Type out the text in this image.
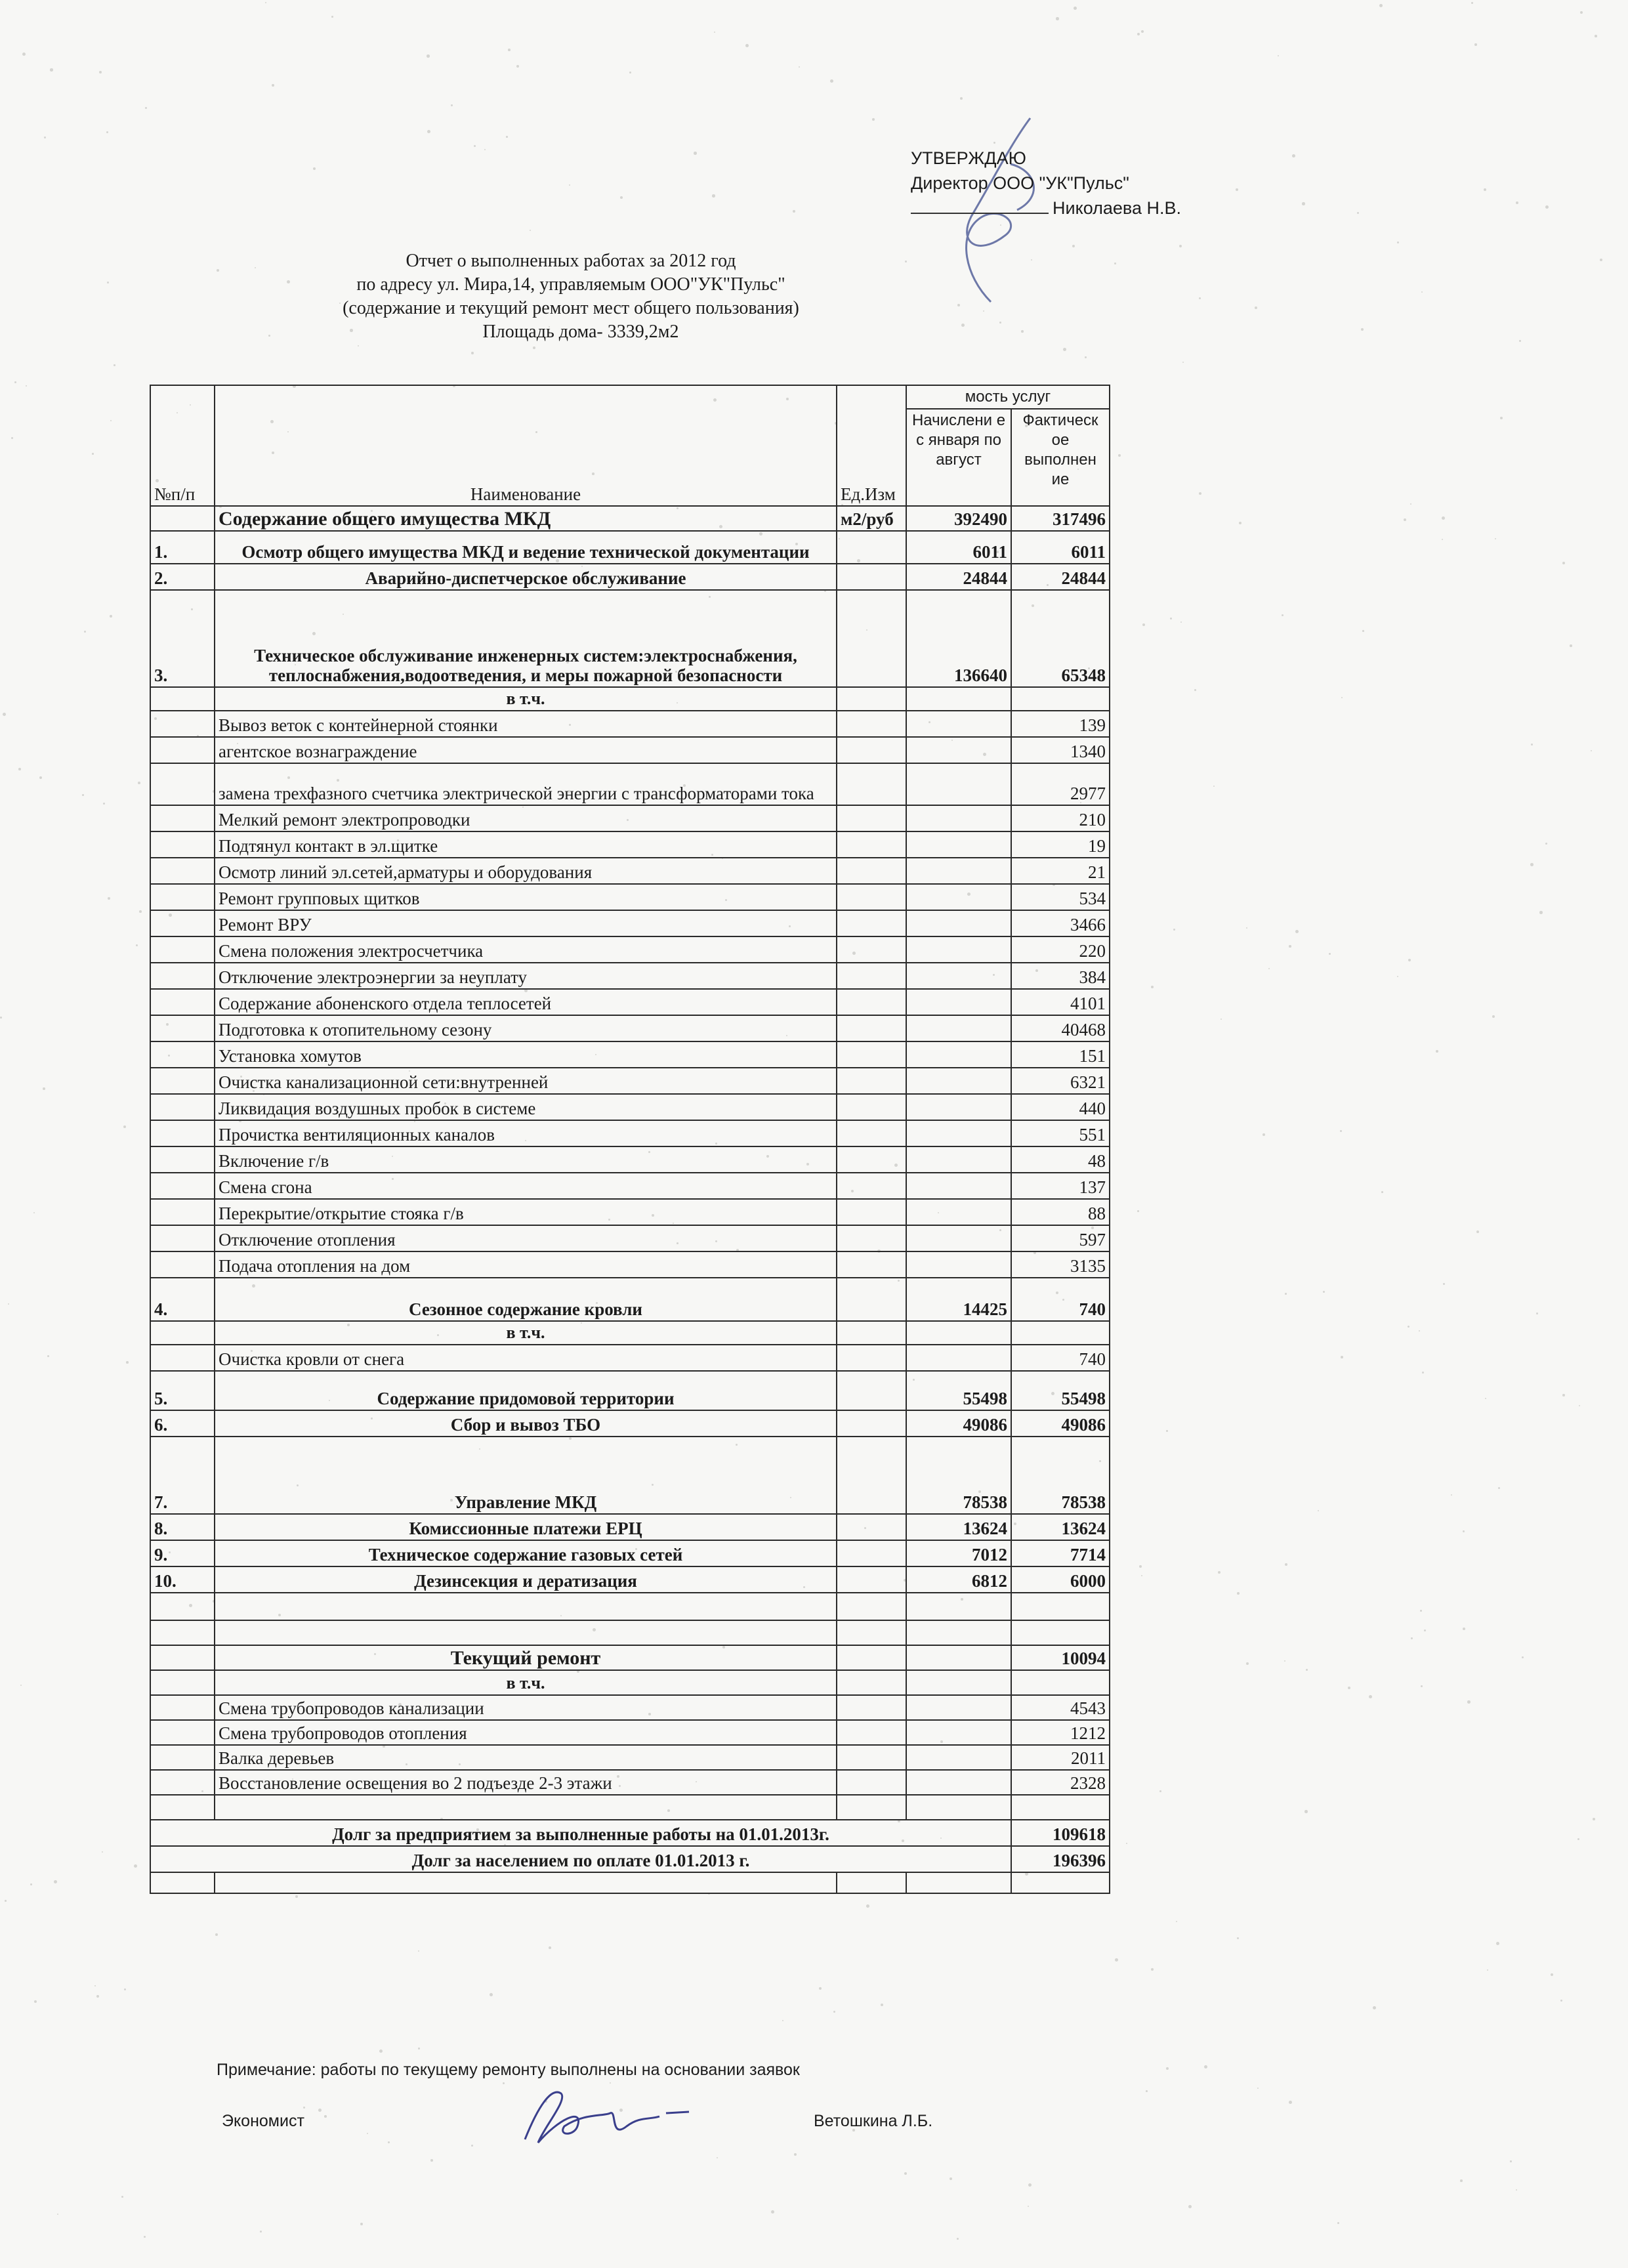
УТВЕРЖДАЮ
Директор ООО "УК"Пульс"
Николаева Н.В.
Отчет о выполненных работах за 2012 год
по адресу ул. Мира,14, управляемым ООО"УК"Пульс"
(содержание и текущий ремонт мест общего пользования)
Площадь дома- 3339,2м2
№п/п	Наименование	Ед.Изм	мость услуг	
			Начислени е с января по август	Фактическ ое выполнен ие
	Содержание общего имущества МКД	м2/руб	392490	317496
1.	Осмотр общего имущества МКД и ведение технической документации		6011	6011
2.	Аварийно-диспетчерское обслуживание		24844	24844
3.	Техническое обслуживание инженерных систем:электроснабжения, теплоснабжения,водоотведения, и меры пожарной безопасности		136640	65348
	в т.ч.			
	Вывоз веток с контейнерной стоянки			139
	агентское вознаграждение			1340
	замена трехфазного счетчика электрической энергии с трансформаторами тока			2977
	Мелкий ремонт электропроводки			210
	Подтянул контакт в эл.щитке			19
	Осмотр линий эл.сетей,арматуры и оборудования			21
	Ремонт групповых щитков			534
	Ремонт ВРУ			3466
	Смена положения электросчетчика			220
	Отключение электроэнергии за неуплату			384
	Содержание абоненского отдела теплосетей			4101
	Подготовка к отопительному сезону			40468
	Установка хомутов			151
	Очистка канализационной сети:внутренней			6321
	Ликвидация воздушных пробок в системе			440
	Прочистка вентиляционных каналов			551
	Включение г/в			48
	Смена сгона			137
	Перекрытие/открытие стояка г/в			88
	Отключение отопления			597
	Подача отопления на дом			3135
4.	Сезонное содержание кровли		14425	740
	в т.ч.			
	Очистка кровли от снега			740
5.	Содержание придомовой территории		55498	55498
6.	Сбор и вывоз ТБО		49086	49086
7.	Управление МКД		78538	78538
8.	Комиссионные платежи ЕРЦ		13624	13624
9.	Техническое содержание газовых сетей		7012	7714
10.	Дезинсекция и дератизация		6812	6000

	Текущий ремонт			10094
	в т.ч.			
	Смена трубопроводов канализации			4543
	Смена трубопроводов отопления			1212
	Валка деревьев			2011
	Восстановление освещения во 2 подъезде 2-3 этажи			2328

Долг за предприятием за выполненные работы на 01.01.2013г.				109618
Долг за населением по оплате 01.01.2013 г.				196396

Примечание: работы по текущему ремонту выполнены на основании заявок
Экономист	Ветошкина Л.Б.
